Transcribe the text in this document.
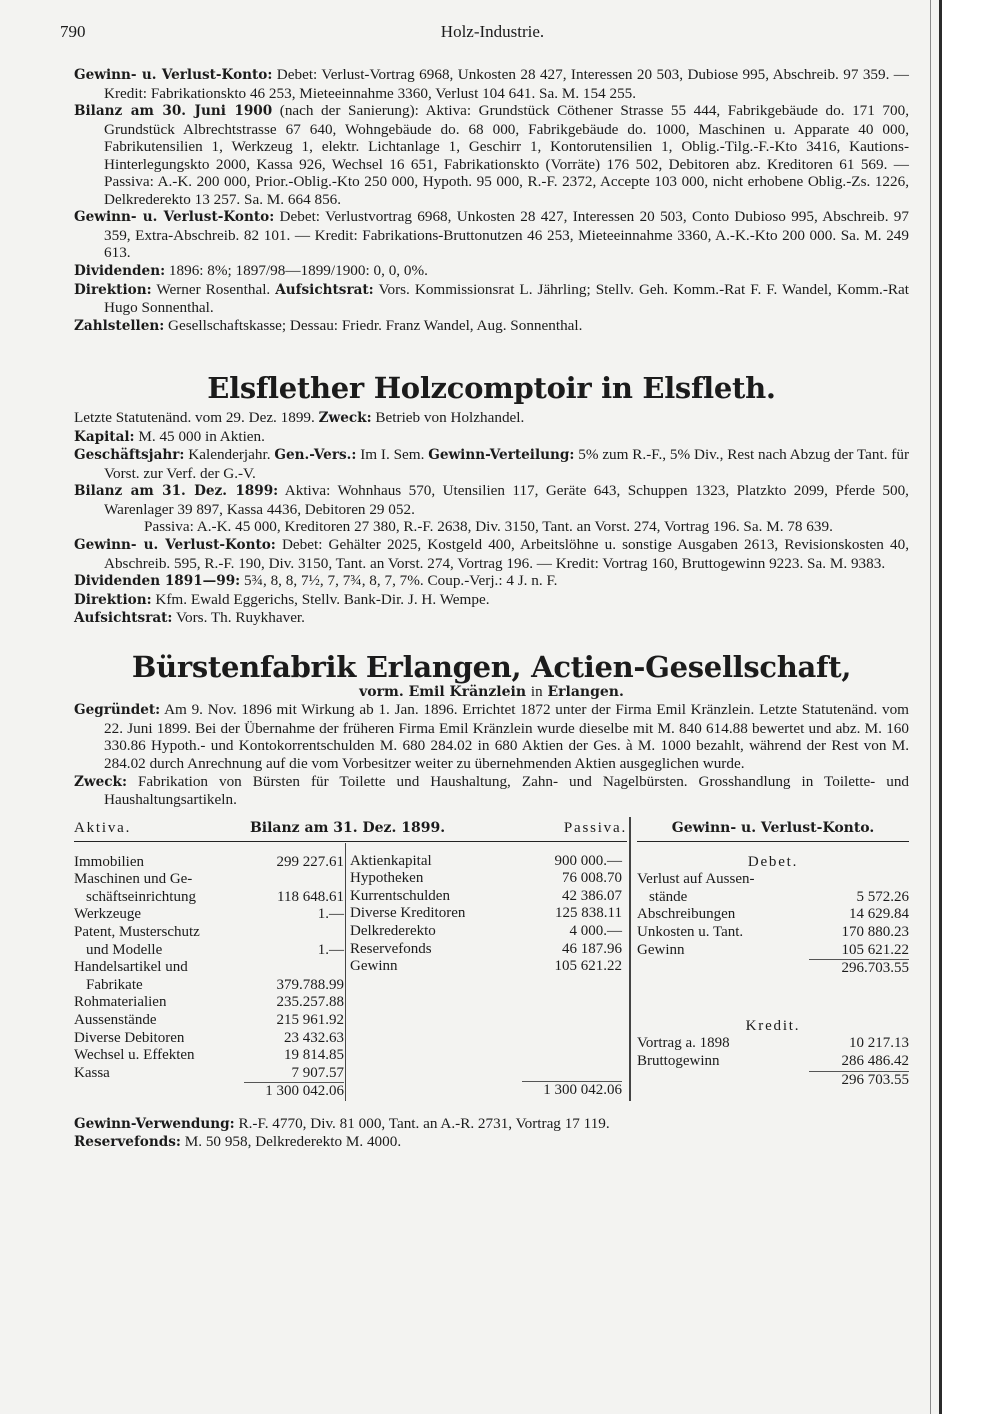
790	Holz-Industrie.

Gewinn- u. Verlust-Konto: Debet: Verlust-Vortrag 6968, Unkosten 28 427, Interessen 20 503, Dubiose 995, Abschreib. 97 359. — Kredit: Fabrikationskto 46 253, Mieteeinnahme 3360, Verlust 104 641. Sa. M. 154 255.

Bilanz am 30. Juni 1900 (nach der Sanierung): Aktiva: Grundstück Cöthener Strasse 55 444, Fabrikgebäude do. 171 700, Grundstück Albrechtstrasse 67 640, Wohngebäude do. 68 000, Fabrikgebäude do. 1000, Maschinen u. Apparate 40 000, Fabrikutensilien 1, Werkzeug 1, elektr. Lichtanlage 1, Geschirr 1, Kontorutensilien 1, Oblig.-Tilg.-F.-Kto 3416, Kautions-Hinterlegungskto 2000, Kassa 926, Wechsel 16 651, Fabrikationskto (Vorräte) 176 502, Debitoren abz. Kreditoren 61 569. — Passiva: A.-K. 200 000, Prior.-Oblig.-Kto 250 000, Hypoth. 95 000, R.-F. 2372, Accepte 103 000, nicht erhobene Oblig.-Zs. 1226, Delkrederekto 13 257. Sa. M. 664 856.

Gewinn- u. Verlust-Konto: Debet: Verlustvortrag 6968, Unkosten 28 427, Interessen 20 503, Conto Dubioso 995, Abschreib. 97 359, Extra-Abschreib. 82 101. — Kredit: Fabrikations-Bruttonutzen 46 253, Mieteeinnahme 3360, A.-K.-Kto 200 000. Sa. M. 249 613.

Dividenden: 1896: 8%; 1897/98—1899/1900: 0, 0, 0%.

Direktion: Werner Rosenthal. Aufsichtsrat: Vors. Kommissionsrat L. Jährling; Stellv. Geh. Komm.-Rat F. F. Wandel, Komm.-Rat Hugo Sonnenthal.

Zahlstellen: Gesellschaftskasse; Dessau: Friedr. Franz Wandel, Aug. Sonnenthal.

Elsflether Holzcomptoir in Elsfleth.

Letzte Statutenänd. vom 29. Dez. 1899. Zweck: Betrieb von Holzhandel.

Kapital: M. 45 000 in Aktien.

Geschäftsjahr: Kalenderjahr. Gen.-Vers.: Im I. Sem. Gewinn-Verteilung: 5% zum R.-F., 5% Div., Rest nach Abzug der Tant. für Vorst. zur Verf. der G.-V.

Bilanz am 31. Dez. 1899: Aktiva: Wohnhaus 570, Utensilien 117, Geräte 643, Schuppen 1323, Platzkto 2099, Pferde 500, Warenlager 39 897, Kassa 4436, Debitoren 29 052.

Passiva: A.-K. 45 000, Kreditoren 27 380, R.-F. 2638, Div. 3150, Tant. an Vorst. 274, Vortrag 196. Sa. M. 78 639.

Gewinn- u. Verlust-Konto: Debet: Gehälter 2025, Kostgeld 400, Arbeitslöhne u. sonstige Ausgaben 2613, Revisionskosten 40, Abschreib. 595, R.-F. 190, Div. 3150, Tant. an Vorst. 274, Vortrag 196. — Kredit: Vortrag 160, Bruttogewinn 9223. Sa. M. 9383.

Dividenden 1891—99: 5¾, 8, 8, 7½, 7, 7¾, 8, 7, 7%. Coup.-Verj.: 4 J. n. F.

Direktion: Kfm. Ewald Eggerichs, Stellv. Bank-Dir. J. H. Wempe.

Aufsichtsrat: Vors. Th. Ruykhaver.

Bürstenfabrik Erlangen, Actien-Gesellschaft,

vorm. Emil Kränzlein in Erlangen.

Gegründet: Am 9. Nov. 1896 mit Wirkung ab 1. Jan. 1896. Errichtet 1872 unter der Firma Emil Kränzlein. Letzte Statutenänd. vom 22. Juni 1899. Bei der Übernahme der früheren Firma Emil Kränzlein wurde dieselbe mit M. 840 614.88 bewertet und abz. M. 160 330.86 Hypoth.- und Kontokorrentschulden M. 680 284.02 in 680 Aktien der Ges. à M. 1000 bezahlt, während der Rest von M. 284.02 durch Anrechnung auf die vom Vorbesitzer weiter zu übernehmenden Aktien ausgeglichen wurde.

Zweck: Fabrikation von Bürsten für Toilette und Haushaltung, Zahn- und Nagelbürsten. Grosshandlung in Toilette- und Haushaltungsartikeln.

Aktiva.	Bilanz am 31. Dez. 1899.	Passiva.
Immobilien	299 227.61
Maschinen und Ge-
schäftseinrichtung	118 648.61
Werkzeuge	1.—
Patent, Musterschutz
und Modelle	1.—
Handelsartikel und
Fabrikate	379.788.99
Rohmaterialien	235.257.88
Aussenstände	215 961.92
Diverse Debitoren	23 432.63
Wechsel u. Effekten	19 814.85
Kassa	7 907.57
1 300 042.06
Aktienkapital	900 000.—
Hypotheken	76 008.70
Kurrentschulden	42 386.07
Diverse Kreditoren	125 838.11
Delkrederekto	4 000.—
Reservefonds	46 187.96
Gewinn	105 621.22
1 300 042.06
Gewinn- u. Verlust-Konto.
Debet.
Verlust auf Aussen-
stände	5 572.26
Abschreibungen	14 629.84
Unkosten u. Tant.	170 880.23
Gewinn	105 621.22
296.703.55
Kredit.
Vortrag a. 1898	10 217.13
Bruttogewinn	286 486.42
296 703.55

Gewinn-Verwendung: R.-F. 4770, Div. 81 000, Tant. an A.-R. 2731, Vortrag 17 119.

Reservefonds: M. 50 958, Delkrederekto M. 4000.
